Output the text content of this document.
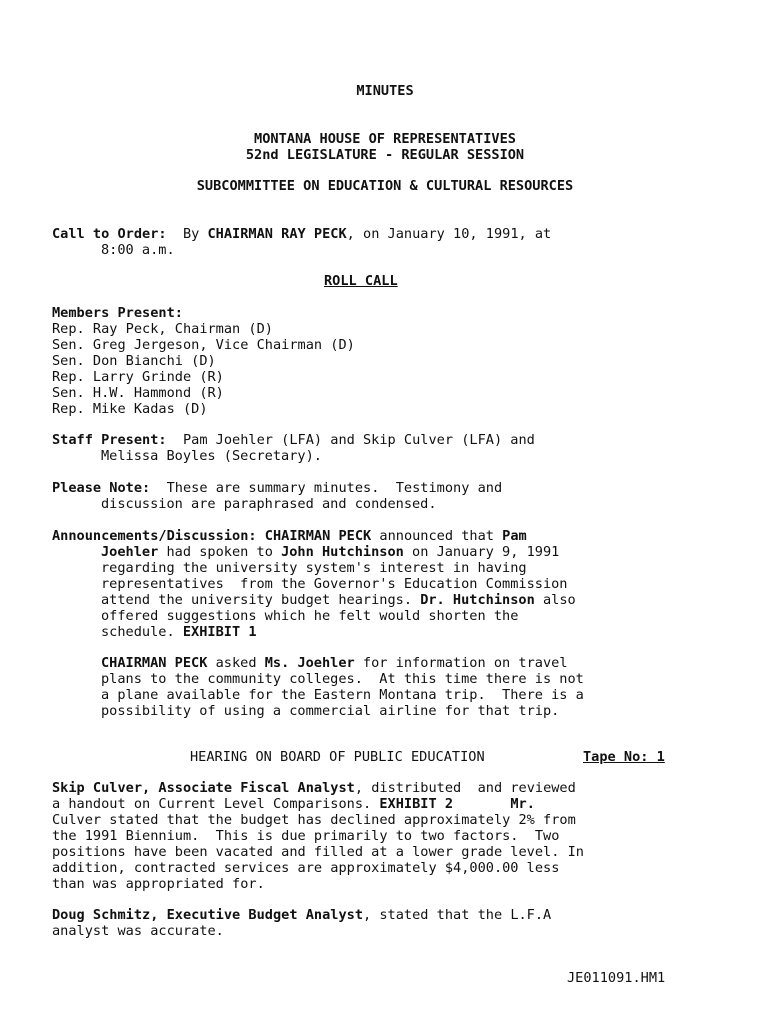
MINUTES
MONTANA HOUSE OF REPRESENTATIVES
52nd LEGISLATURE - REGULAR SESSION
SUBCOMMITTEE ON EDUCATION & CULTURAL RESOURCES
Call to Order:  By CHAIRMAN RAY PECK, on January 10, 1991, at
8:00 a.m.
ROLL CALL
Members Present:
Rep. Ray Peck, Chairman (D)
Sen. Greg Jergeson, Vice Chairman (D)
Sen. Don Bianchi (D)
Rep. Larry Grinde (R)
Sen. H.W. Hammond (R)
Rep. Mike Kadas (D)
Staff Present:  Pam Joehler (LFA) and Skip Culver (LFA) and
Melissa Boyles (Secretary).
Please Note:  These are summary minutes.  Testimony and
discussion are paraphrased and condensed.
Announcements/Discussion: CHAIRMAN PECK announced that Pam
Joehler had spoken to John Hutchinson on January 9, 1991
regarding the university system's interest in having
representatives  from the Governor's Education Commission
attend the university budget hearings. Dr. Hutchinson also
offered suggestions which he felt would shorten the
schedule. EXHIBIT 1
CHAIRMAN PECK asked Ms. Joehler for information on travel
plans to the community colleges.  At this time there is not
a plane available for the Eastern Montana trip.  There is a
possibility of using a commercial airline for that trip.
HEARING ON BOARD OF PUBLIC EDUCATION	Tape No: 1
Skip Culver, Associate Fiscal Analyst, distributed  and reviewed
a handout on Current Level Comparisons. EXHIBIT 2       Mr.
Culver stated that the budget has declined approximately 2% from
the 1991 Biennium.  This is due primarily to two factors.  Two
positions have been vacated and filled at a lower grade level. In
addition, contracted services are approximately $4,000.00 less
than was appropriated for.
Doug Schmitz, Executive Budget Analyst, stated that the L.F.A
analyst was accurate.
JE011091.HM1
